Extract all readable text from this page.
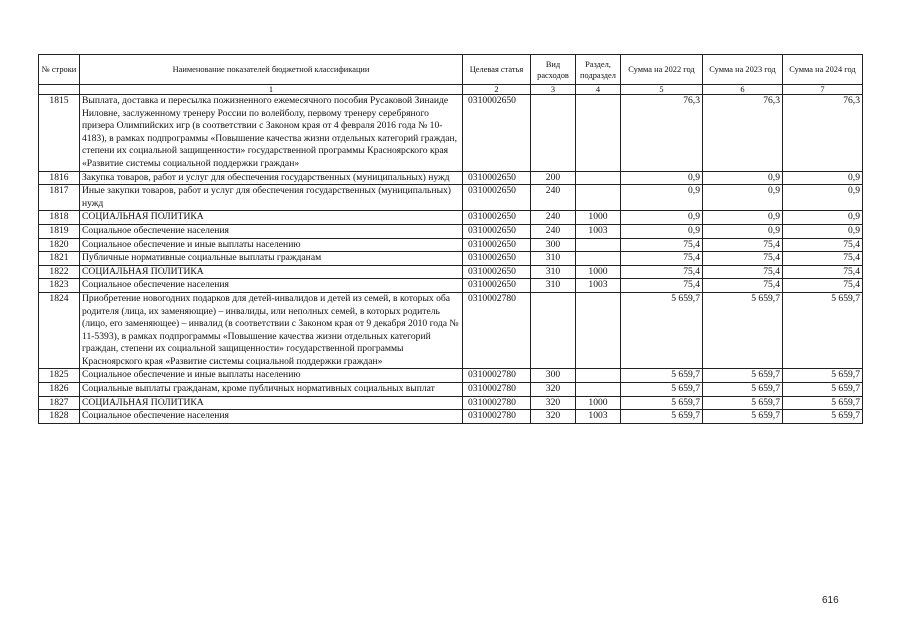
№ строки	Наименование показателей бюджетной классификации	Целевая статья	Вид расходов	Раздел, подраздел	Сумма на 2022 год	Сумма на 2023 год	Сумма на 2024 год
	1	2	3	4	5	6	7
1815	Выплата, доставка и пересылка пожизненного ежемесячного пособия Русаковой Зинаиде Ниловне, заслуженному тренеру России по волейболу, первому тренеру серебряного призера Олимпийских игр (в соответствии с Законом края от 4 февраля 2016 года № 10-4183), в рамках подпрограммы «Повышение качества жизни отдельных категорий граждан, степени их социальной защищенности» государственной программы Красноярского края «Развитие системы социальной поддержки граждан»	0310002650			76,3	76,3	76,3
1816	Закупка товаров, работ и услуг для обеспечения государственных (муниципальных) нужд	0310002650	200		0,9	0,9	0,9
1817	Иные закупки товаров, работ и услуг для обеспечения государственных (муниципальных) нужд	0310002650	240		0,9	0,9	0,9
1818	СОЦИАЛЬНАЯ ПОЛИТИКА	0310002650	240	1000	0,9	0,9	0,9
1819	Социальное обеспечение населения	0310002650	240	1003	0,9	0,9	0,9
1820	Социальное обеспечение и иные выплаты населению	0310002650	300		75,4	75,4	75,4
1821	Публичные нормативные социальные выплаты гражданам	0310002650	310		75,4	75,4	75,4
1822	СОЦИАЛЬНАЯ ПОЛИТИКА	0310002650	310	1000	75,4	75,4	75,4
1823	Социальное обеспечение населения	0310002650	310	1003	75,4	75,4	75,4
1824	Приобретение новогодних подарков для детей-инвалидов и детей из семей, в которых оба родителя (лица, их заменяющие) – инвалиды, или неполных семей, в которых родитель (лицо, его заменяющее) – инвалид (в соответствии с Законом края от 9 декабря 2010 года № 11-5393), в рамках подпрограммы «Повышение качества жизни отдельных категорий граждан, степени их социальной защищенности» государственной программы Красноярского края «Развитие системы социальной поддержки граждан»	0310002780			5 659,7	5 659,7	5 659,7
1825	Социальное обеспечение и иные выплаты населению	0310002780	300		5 659,7	5 659,7	5 659,7
1826	Социальные выплаты гражданам, кроме публичных нормативных социальных выплат	0310002780	320		5 659,7	5 659,7	5 659,7
1827	СОЦИАЛЬНАЯ ПОЛИТИКА	0310002780	320	1000	5 659,7	5 659,7	5 659,7
1828	Социальное обеспечение населения	0310002780	320	1003	5 659,7	5 659,7	5 659,7
616
